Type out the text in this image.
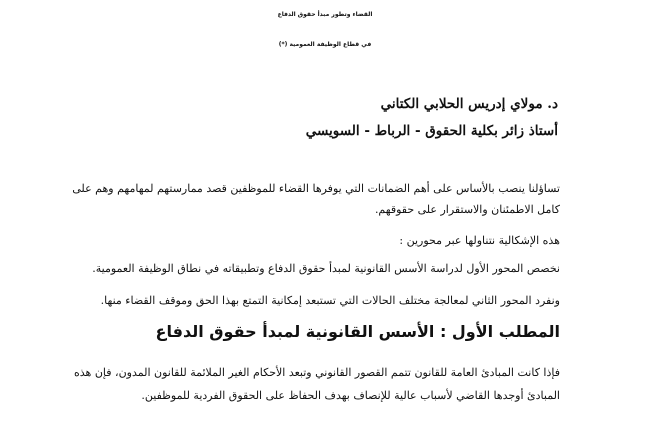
القضاء وتطور مبدأ حقوق الدفاع
في قطاع الوظيفة العمومية (*)
د. مولاي إدريس الحلابي الكتاني
أستاذ زائر بكلية الحقوق - الرباط - السويسي
تساؤلنا ينصب بالأساس على أهم الضمانات التي يوفرها القضاء للموظفين قصد ممارستهم لمهامهم وهم على
كامل الاطمئنان والاستقرار على حقوقهم.
هذه الإشكالية نتناولها عبر محورين :
نخصص المحور الأول لدراسة الأسس القانونية لمبدأ حقوق الدفاع وتطبيقاته في نطاق الوظيفة العمومية.
ونفرد المحور الثاني لمعالجة مختلف الحالات التي تستبعد إمكانية التمتع بهذا الحق وموقف القضاء منها.
المطلب الأول : الأسس القانونية لمبدأ حقوق الدفاع
فإذا كانت المبادئ العامة للقانون تتمم القصور القانوني وتبعد الأحكام الغير الملائمة للقانون المدون، فإن هذه
المبادئ أوجدها القاضي لأسباب عالية للإنصاف بهدف الحفاظ على الحقوق الفردية للموظفين.
